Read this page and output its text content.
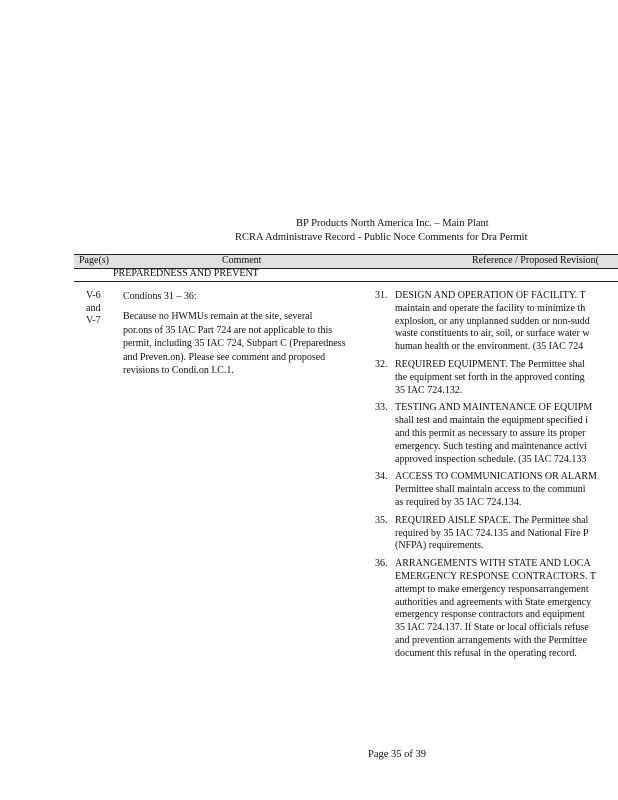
BP Products North America Inc. – Main Plant
RCRA Administrave Record - Public Noce Comments for Dra Permit
Page(s)	Comment	Reference / Proposed Revision(
PREPAREDNESS AND PREVENT
V-6
and
V-7
Condions 31 – 36:
Because no HWMUs remain at the site, several
por.ons of 35 IAC Part 724 are not applicable to this
permit, including 35 IAC 724, Subpart C (Preparedness
and Preven.on). Please see comment and proposed
revisions to Condi.on I.C.1.
31. DESIGN AND OPERATION OF FACILITY. T
maintain and operate the facility to minimize th
explosion, or any unplanned sudden or non-sudd
waste constituents to air, soil, or surface water w
human health or the environment. (35 IAC 724
32. REQUIRED EQUIPMENT. The Permittee shal
the equipment set forth in the approved conting
35 IAC 724.132.
33. TESTING AND MAINTENANCE OF EQUIPM
shall test and maintain the equipment specified i
and this permit as necessary to assure its proper
emergency. Such testing and maintenance activi
approved inspection schedule. (35 IAC 724.133
34. ACCESS TO COMMUNICATIONS OR ALARM
Permittee shall maintain access to the communi
as required by 35 IAC 724.134.
35. REQUIRED AISLE SPACE. The Permittee shal
required by 35 IAC 724.135 and National Fire P
(NFPA) requirements.
36. ARRANGEMENTS WITH STATE AND LOCA
EMERGENCY RESPONSE CONTRACTORS. T
attempt to make emergency responsarrangement
authorities and agreements with State emergency
emergency response contractors and equipment
35 IAC 724.137. If State or local officials refuse
and prevention arrangements with the Permittee
document this refusal in the operating record.
Page 35 of 39
